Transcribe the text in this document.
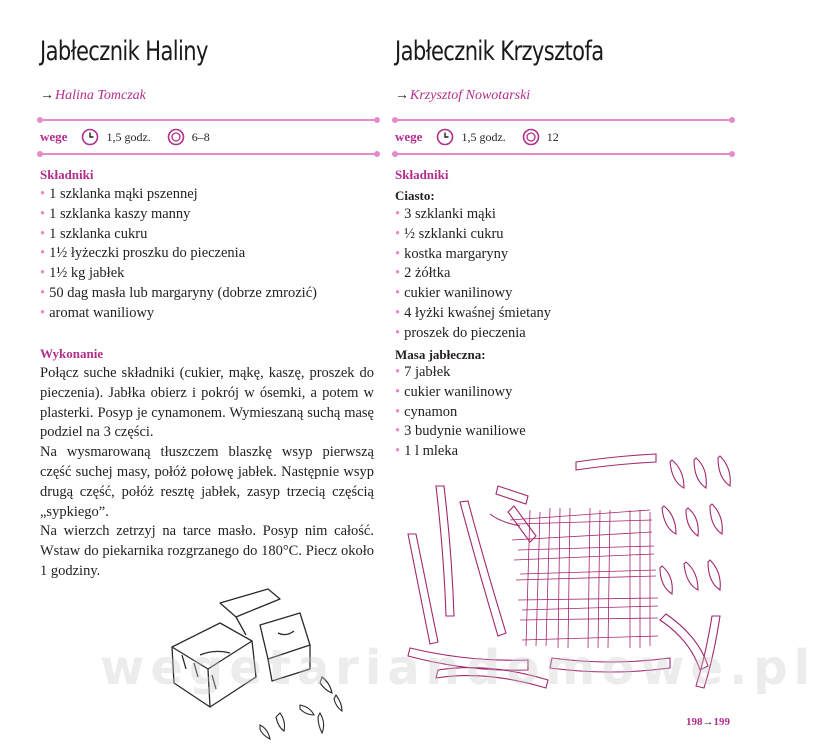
Jabłecznik Haliny
→Halina Tomczak
wege	1,5 godz.	6–8
Składniki
• 1 szklanka mąki pszennej
• 1 szklanka kaszy manny
• 1 szklanka cukru
• 1½ łyżeczki proszku do pieczenia
• 1½ kg jabłek
• 50 dag masła lub margaryny (dobrze zmrozić)
• aromat waniliowy
Wykonanie

Połącz suche składniki (cukier, mąkę, kaszę, proszek do pieczenia). Jabłka obierz i pokrój w ósemki, a potem w plasterki. Posyp je cynamonem. Wymieszaną suchą masę podziel na 3 części.
Na wysmarowaną tłuszczem blaszkę wsyp pierwszą część suchej masy, połóż połowę jabłek. Następnie wsyp drugą część, połóż resztę jabłek, zasyp trzecią częścią „sypkiego”.
Na wierzch zetrzyj na tarce masło. Posyp nim całość. Wstaw do piekarnika rozgrzanego do 180°C. Piecz około 1 godziny.

Jabłecznik Krzysztofa
→Krzysztof Nowotarski
wege	1,5 godz.	12
Składniki
Ciasto:
• 3 szklanki mąki
• ½ szklanki cukru
• kostka margaryny
• 2 żółtka
• cukier wanilinowy
• 4 łyżki kwaśnej śmietany
• proszek do pieczenia
Masa jabłeczna:
• 7 jabłek
• cukier wanilinowy
• cynamon
• 3 budynie waniliowe
• 1 l mleka
wegetariandomowe.pl
198→199
